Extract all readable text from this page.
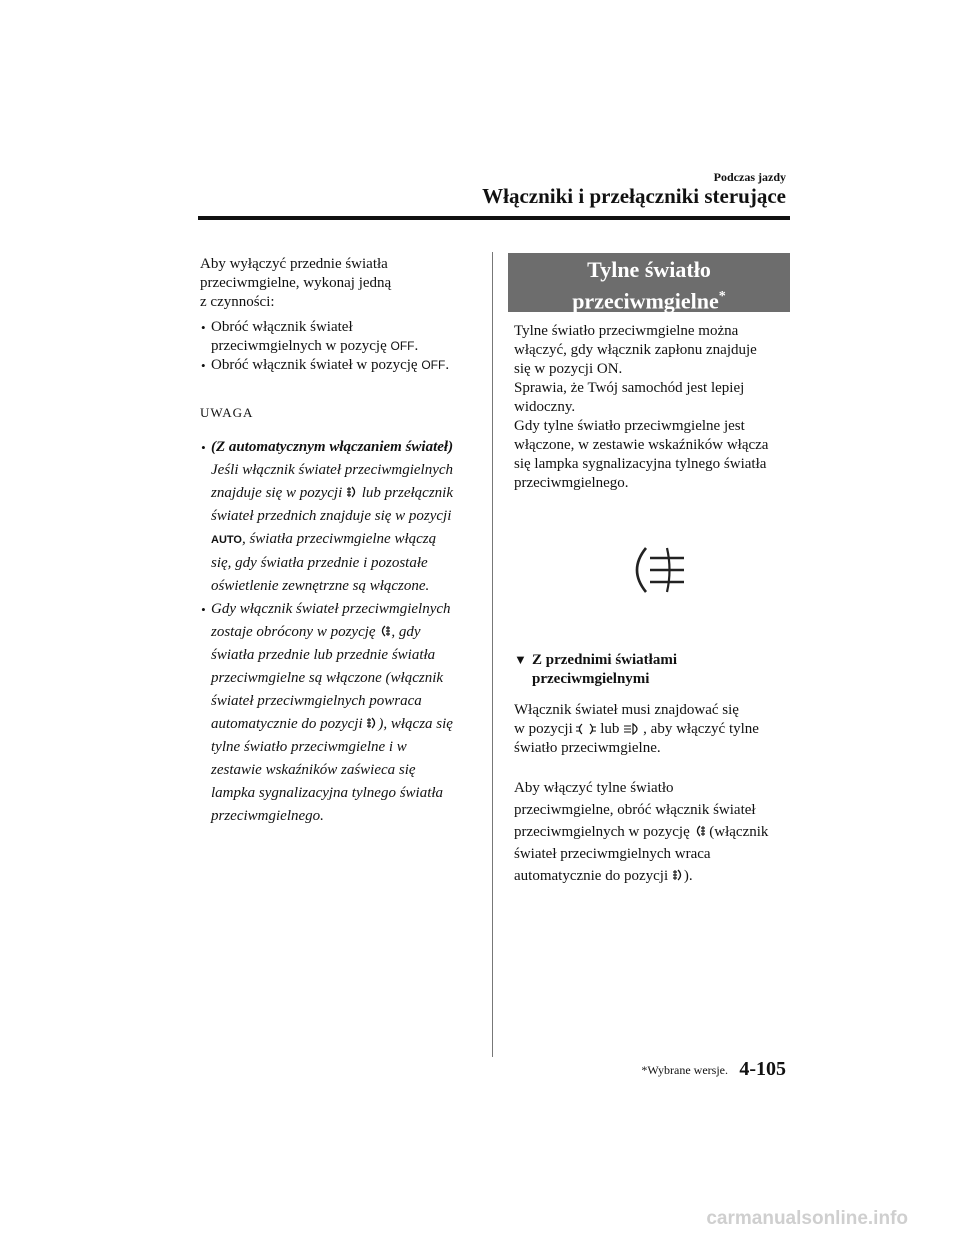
Podczas jazdy
Włączniki i przełączniki sterujące
Aby wyłączyć przednie światła
przeciwmgielne, wykonaj jedną
z czynności:
• Obróć włącznik świateł
przeciwmgielnych w pozycję OFF.
• Obróć włącznik świateł w pozycję OFF.
UWAGA
• (Z automatycznym włączaniem świateł)
Jeśli włącznik świateł przeciwmgielnych
znajduje się w pozycji  lub przełącznik
świateł przednich znajduje się w pozycji
AUTO, światła przeciwmgielne włączą
się, gdy światła przednie i pozostałe
oświetlenie zewnętrzne są włączone.
• Gdy włącznik świateł przeciwmgielnych
zostaje obrócony w pozycję , gdy
światła przednie lub przednie światła
przeciwmgielne są włączone (włącznik
świateł przeciwmgielnych powraca
automatycznie do pozycji ), włącza się
tylne światło przeciwmgielne i w
zestawie wskaźników zaświeca się
lampka sygnalizacyjna tylnego światła
przeciwmgielnego.
Tylne światło
przeciwmgielne*
Tylne światło przeciwmgielne można
włączyć, gdy włącznik zapłonu znajduje
się w pozycji ON.
Sprawia, że Twój samochód jest lepiej
widoczny.
Gdy tylne światło przeciwmgielne jest
włączone, w zestawie wskaźników włącza
się lampka sygnalizacyjna tylnego światła
przeciwmgielnego.
▼ Z przednimi światłami
przeciwmgielnymi
Włącznik świateł musi znajdować się
w pozycji  lub , aby włączyć tylne
światło przeciwmgielne.
Aby włączyć tylne światło
przeciwmgielne, obróć włącznik świateł
przeciwmgielnych w pozycję  (włącznik
świateł przeciwmgielnych wraca
automatycznie do pozycji ).
*Wybrane wersje. 4-105
carmanualsonline.info
